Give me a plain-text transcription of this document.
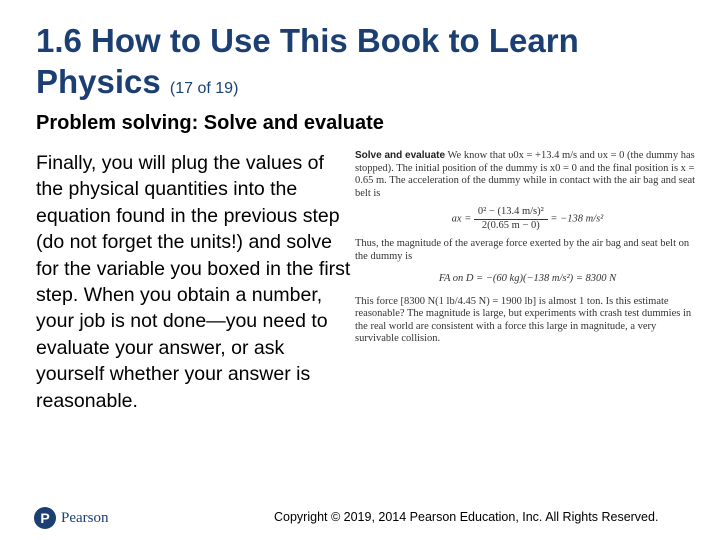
1.6 How to Use This Book to Learn Physics (17 of 19)
Problem solving: Solve and evaluate
Finally, you will plug the values of the physical quantities into the equation found in the previous step (do not forget the units!) and solve for the variable you boxed in the first step. When you obtain a number, your job is not done—you need to evaluate your answer, or ask yourself whether your answer is reasonable.

Solve and evaluate We know that υ0x = +13.4 m/s and υx = 0 (the dummy has stopped). The initial position of the dummy is x0 = 0 and the final position is x = 0.65 m. The acceleration of the dummy while in contact with the air bag and seat belt is

ax = $\frac{\text{0² − (13.4 m/s)²}}{2(0.65 m - 0)} = -138$ m/s²

Thus, the magnitude of the average force exerted by the air bag and seat belt on the dummy is

FA on D = −(60 kg)(−138 m/s²) = 8300 N

This force [8300 N(1 lb/4.45 N) = 1900 lb] is almost 1 ton. Is this estimate reasonable? The magnitude is large, but experiments with crash test dummies in the real world are consistent with a force this large in magnitude, a very survivable collision.

P Pearson	Copyright © 2019, 2014 Pearson Education, Inc. All Rights Reserved.
